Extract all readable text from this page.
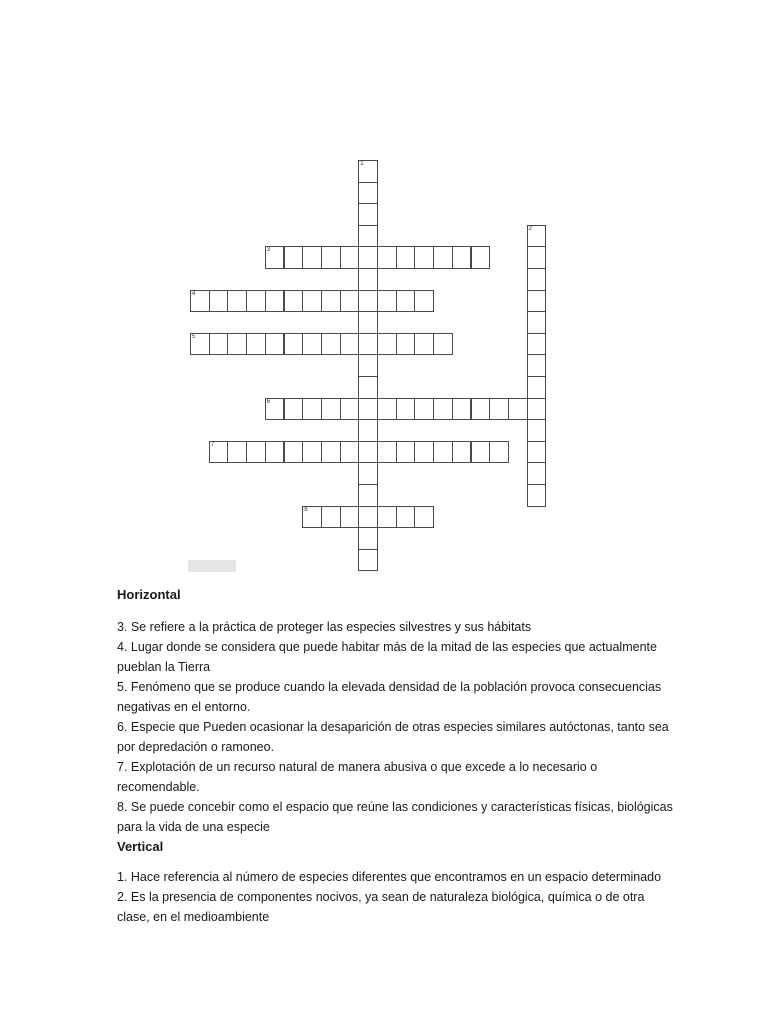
1
2
3
4
5
6
7
8
Horizontal

3. Se refiere a la práctica de proteger las especies silvestres y sus hábitats

4. Lugar donde se considera que puede habitar más de la mitad de las especies que actualmente pueblan la Tierra

5. Fenómeno que se produce cuando la elevada densidad de la población provoca consecuencias negativas en el entorno.

6. Especie que Pueden ocasionar la desaparición de otras especies similares autóctonas, tanto sea por depredación o ramoneo.

7. Explotación de un recurso natural de manera abusiva o que excede a lo necesario o recomendable.

8. Se puede concebir como el espacio que reúne las condiciones y características físicas, biológicas para la vida de una especie

Vertical

1. Hace referencia al número de especies diferentes que encontramos en un espacio determinado

2. Es la presencia de componentes nocivos, ya sean de naturaleza biológica, química o de otra clase, en el medioambiente
